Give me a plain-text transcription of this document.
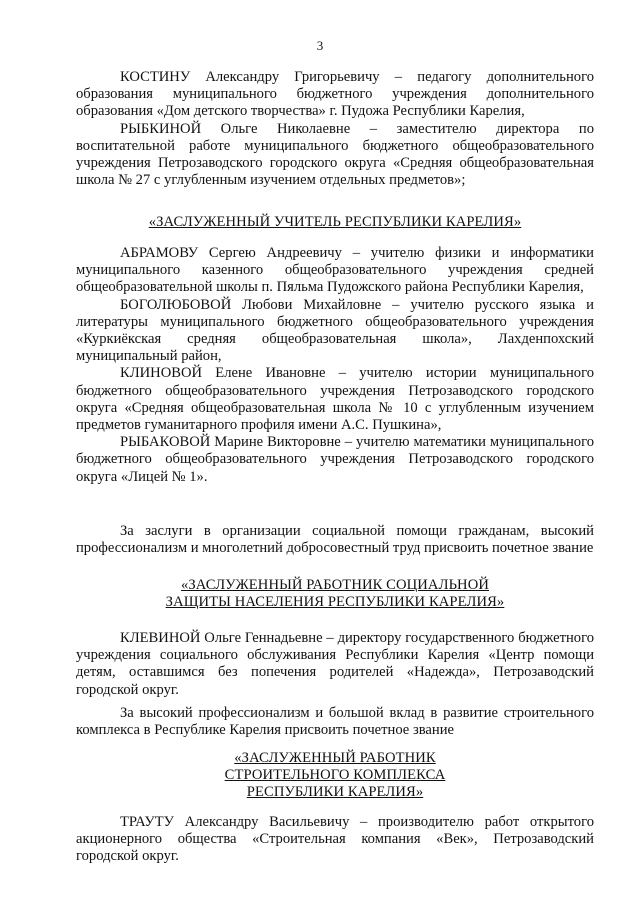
3

КОСТИНУ Александру Григорьевичу – педагогу дополнительного образования муниципального бюджетного учреждения дополнительного образования «Дом детского творчества» г. Пудожа Республики Карелия,

РЫБКИНОЙ Ольге Николаевне – заместителю директора по воспитательной работе муниципального бюджетного общеобразовательного учреждения Петрозаводского городского округа «Средняя общеобразовательная школа № 27 с углубленным изучением отдельных предметов»;

«ЗАСЛУЖЕННЫЙ УЧИТЕЛЬ РЕСПУБЛИКИ КАРЕЛИЯ»

АБРАМОВУ Сергею Андреевичу – учителю физики и информатики муниципального казенного общеобразовательного учреждения средней общеобразовательной школы п. Пяльма Пудожского района Республики Карелия,

БОГОЛЮБОВОЙ Любови Михайловне – учителю русского языка и литературы муниципального бюджетного общеобразовательного учреждения «Куркиёкская средняя общеобразовательная школа», Лахденпохский муниципальный район,

КЛИНОВОЙ Елене Ивановне – учителю истории муниципального бюджетного общеобразовательного учреждения Петрозаводского городского округа «Средняя общеобразовательная школа № 10 с углубленным изучением предметов гуманитарного профиля имени А.С. Пушкина»,

РЫБАКОВОЙ Марине Викторовне – учителю математики муниципального бюджетного общеобразовательного учреждения Петрозаводского городского округа «Лицей № 1».

За заслуги в организации социальной помощи гражданам, высокий профессионализм и многолетний добросовестный труд присвоить почетное звание

«ЗАСЛУЖЕННЫЙ РАБОТНИК СОЦИАЛЬНОЙ
ЗАЩИТЫ НАСЕЛЕНИЯ РЕСПУБЛИКИ КАРЕЛИЯ»

КЛЕВИНОЙ Ольге Геннадьевне – директору государственного бюджетного учреждения социального обслуживания Республики Карелия «Центр помощи детям, оставшимся без попечения родителей «Надежда», Петрозаводский городской округ.

За высокий профессионализм и большой вклад в развитие строительного комплекса в Республике Карелия присвоить почетное звание

«ЗАСЛУЖЕННЫЙ РАБОТНИК
СТРОИТЕЛЬНОГО КОМПЛЕКСА
РЕСПУБЛИКИ КАРЕЛИЯ»

ТРАУТУ Александру Васильевичу – производителю работ открытого акционерного общества «Строительная компания «Век», Петрозаводский городской округ.
